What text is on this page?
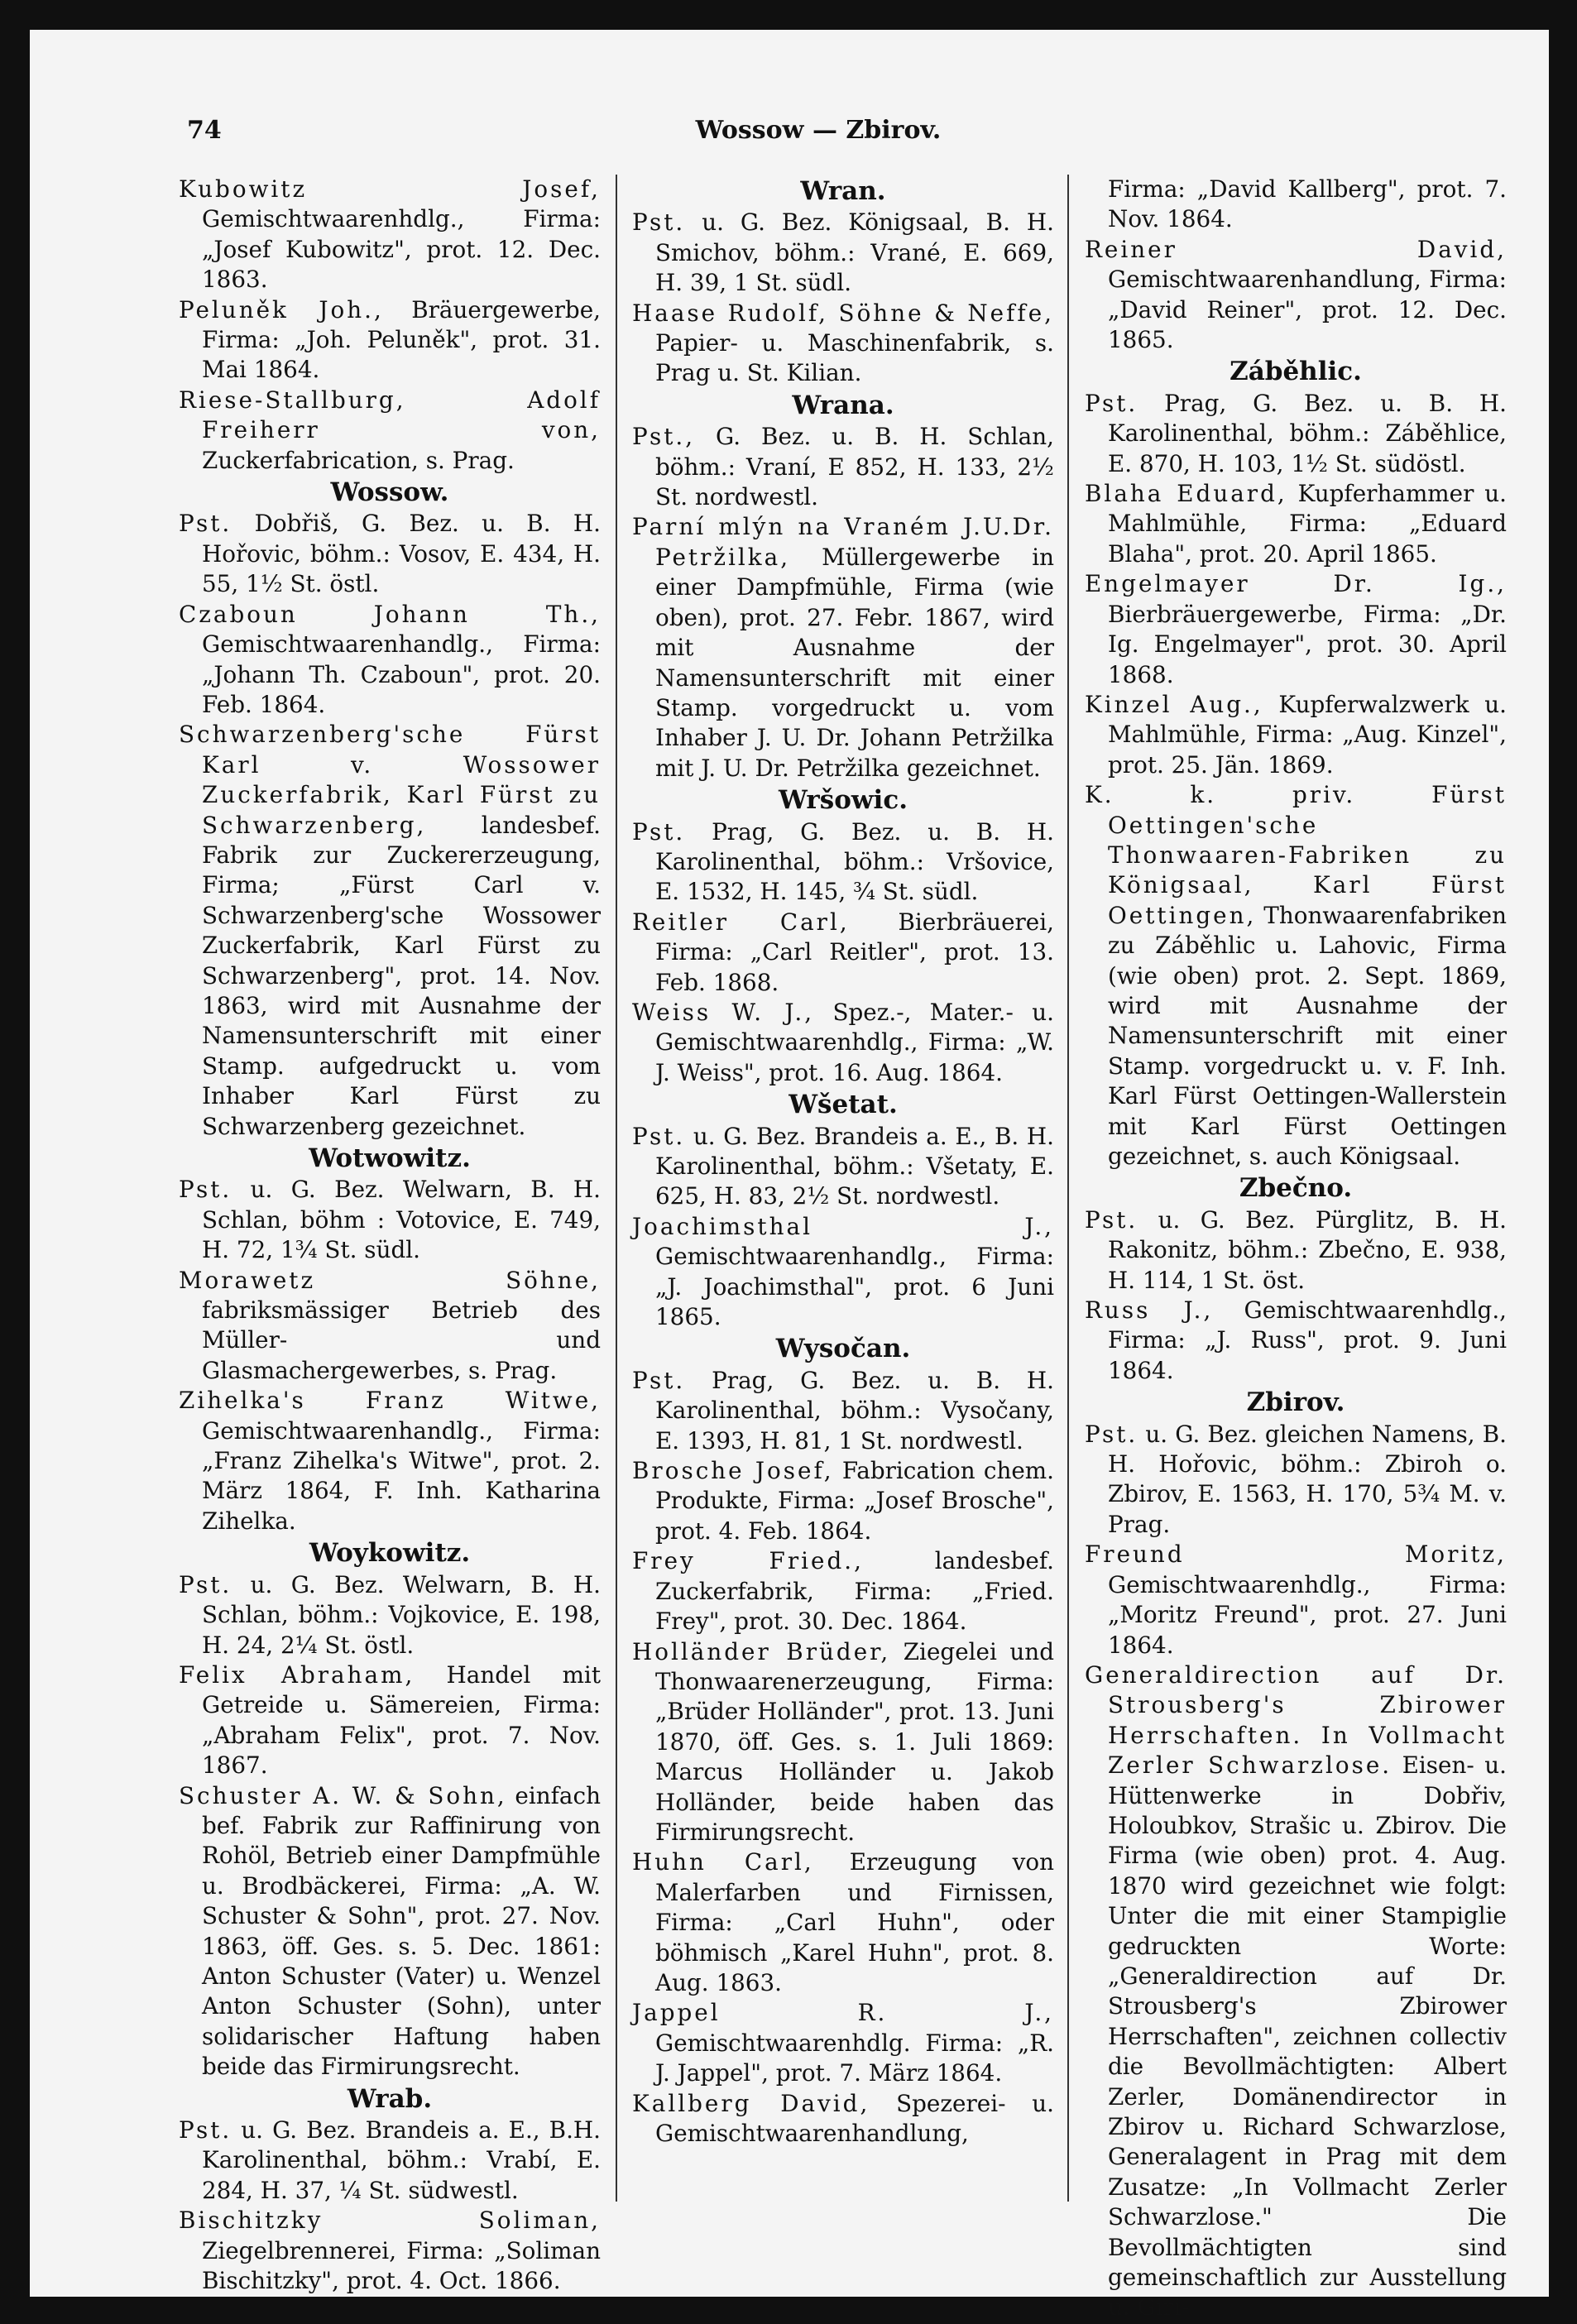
74	Wossow — Zbirov.

Kubowitz Josef, Gemischtwaarenhdlg., Firma: „Josef Kubowitz", prot. 12. Dec. 1863.

Peluněk Joh., Bräuergewerbe, Firma: „Joh. Peluněk", prot. 31. Mai 1864.

Riese-Stallburg, Adolf Freiherr von, Zuckerfabrication, s. Prag.

Wossow.

Pst. Dobřiš, G. Bez. u. B. H. Hořovic, böhm.: Vosov, E. 434, H. 55, 1½ St. östl.

Czaboun Johann Th., Gemischtwaarenhandlg., Firma: „Johann Th. Czaboun", prot. 20. Feb. 1864.

Schwarzenberg'sche Fürst Karl v. Wossower Zuckerfabrik, Karl Fürst zu Schwarzenberg, landesbef. Fabrik zur Zuckererzeugung, Firma; „Fürst Carl v. Schwarzenberg'sche Wossower Zuckerfabrik, Karl Fürst zu Schwarzenberg", prot. 14. Nov. 1863, wird mit Ausnahme der Namensunterschrift mit einer Stamp. aufgedruckt u. vom Inhaber Karl Fürst zu Schwarzenberg gezeichnet.

Wotwowitz.

Pst. u. G. Bez. Welwarn, B. H. Schlan, böhm : Votovice, E. 749, H. 72, 1¾ St. südl.

Morawetz Söhne, fabriksmässiger Betrieb des Müller- und Glasmachergewerbes, s. Prag.

Zihelka's Franz Witwe, Gemischtwaarenhandlg., Firma: „Franz Zihelka's Witwe", prot. 2. März 1864, F. Inh. Katharina Zihelka.

Woykowitz.

Pst. u. G. Bez. Welwarn, B. H. Schlan, böhm.: Vojkovice, E. 198, H. 24, 2¼ St. östl.

Felix Abraham, Handel mit Getreide u. Sämereien, Firma: „Abraham Felix", prot. 7. Nov. 1867.

Schuster A. W. & Sohn, einfach bef. Fabrik zur Raffinirung von Rohöl, Betrieb einer Dampfmühle u. Brodbäckerei, Firma: „A. W. Schuster & Sohn", prot. 27. Nov. 1863, öff. Ges. s. 5. Dec. 1861: Anton Schuster (Vater) u. Wenzel Anton Schuster (Sohn), unter solidarischer Haftung haben beide das Firmirungsrecht.

Wrab.

Pst. u. G. Bez. Brandeis a. E., B.H. Karolinenthal, böhm.: Vrabí, E. 284, H. 37, ¼ St. südwestl.

Bischitzky Soliman, Ziegelbrennerei, Firma: „Soliman Bischitzky", prot. 4. Oct. 1866.

Wran.

Pst. u. G. Bez. Königsaal, B. H. Smichov, böhm.: Vrané, E. 669, H. 39, 1 St. südl.

Haase Rudolf, Söhne & Neffe, Papier- u. Maschinenfabrik, s. Prag u. St. Kilian.

Wrana.

Pst., G. Bez. u. B. H. Schlan, böhm.: Vraní, E 852, H. 133, 2½ St. nordwestl.

Parní mlýn na Vraném J.U.Dr. Petržilka, Müllergewerbe in einer Dampfmühle, Firma (wie oben), prot. 27. Febr. 1867, wird mit Ausnahme der Namensunterschrift mit einer Stamp. vorgedruckt u. vom Inhaber J. U. Dr. Johann Petržilka mit J. U. Dr. Petržilka gezeichnet.

Wršowic.

Pst. Prag, G. Bez. u. B. H. Karolinenthal, böhm.: Vršovice, E. 1532, H. 145, ¾ St. südl.

Reitler Carl, Bierbräuerei, Firma: „Carl Reitler", prot. 13. Feb. 1868.

Weiss W. J., Spez.-, Mater.- u. Gemischtwaarenhdlg., Firma: „W. J. Weiss", prot. 16. Aug. 1864.

Wšetat.

Pst. u. G. Bez. Brandeis a. E., B. H. Karolinenthal, böhm.: Všetaty, E. 625, H. 83, 2½ St. nordwestl.

Joachimsthal J., Gemischtwaarenhandlg., Firma: „J. Joachimsthal", prot. 6 Juni 1865.

Wysočan.

Pst. Prag, G. Bez. u. B. H. Karolinenthal, böhm.: Vysočany, E. 1393, H. 81, 1 St. nordwestl.

Brosche Josef, Fabrication chem. Produkte, Firma: „Josef Brosche", prot. 4. Feb. 1864.

Frey Fried., landesbef. Zuckerfabrik, Firma: „Fried. Frey", prot. 30. Dec. 1864.

Holländer Brüder, Ziegelei und Thonwaarenerzeugung, Firma: „Brüder Holländer", prot. 13. Juni 1870, öff. Ges. s. 1. Juli 1869: Marcus Holländer u. Jakob Holländer, beide haben das Firmirungsrecht.

Huhn Carl, Erzeugung von Malerfarben und Firnissen, Firma: „Carl Huhn", oder böhmisch „Karel Huhn", prot. 8. Aug. 1863.

Jappel R. J., Gemischtwaarenhdlg. Firma: „R. J. Jappel", prot. 7. März 1864.

Kallberg David, Spezerei- u. Gemischtwaarenhandlung,

Firma: „David Kallberg", prot. 7. Nov. 1864.

Reiner David, Gemischtwaarenhandlung, Firma: „David Reiner", prot. 12. Dec. 1865.

Záběhlic.

Pst. Prag, G. Bez. u. B. H. Karolinenthal, böhm.: Záběhlice, E. 870, H. 103, 1½ St. südöstl.

Blaha Eduard, Kupferhammer u. Mahlmühle, Firma: „Eduard Blaha", prot. 20. April 1865.

Engelmayer Dr. Ig., Bierbräuergewerbe, Firma: „Dr. Ig. Engelmayer", prot. 30. April 1868.

Kinzel Aug., Kupferwalzwerk u. Mahlmühle, Firma: „Aug. Kinzel", prot. 25. Jän. 1869.

K. k. priv. Fürst Oettingen'sche Thonwaaren-Fabriken zu Königsaal, Karl Fürst Oettingen, Thonwaarenfabriken zu Záběhlic u. Lahovic, Firma (wie oben) prot. 2. Sept. 1869, wird mit Ausnahme der Namensunterschrift mit einer Stamp. vorgedruckt u. v. F. Inh. Karl Fürst Oettingen-Wallerstein mit Karl Fürst Oettingen gezeichnet, s. auch Königsaal.

Zbečno.

Pst. u. G. Bez. Pürglitz, B. H. Rakonitz, böhm.: Zbečno, E. 938, H. 114, 1 St. öst.

Russ J., Gemischtwaarenhdlg., Firma: „J. Russ", prot. 9. Juni 1864.

Zbirov.

Pst. u. G. Bez. gleichen Namens, B. H. Hořovic, böhm.: Zbiroh o. Zbirov, E. 1563, H. 170, 5¾ M. v. Prag.

Freund Moritz, Gemischtwaarenhdlg., Firma: „Moritz Freund", prot. 27. Juni 1864.

Generaldirection auf Dr. Strousberg's Zbirower Herrschaften. In Vollmacht Zerler Schwarzlose. Eisen- u. Hüttenwerke in Dobřiv, Holoubkov, Strašic u. Zbirov. Die Firma (wie oben) prot. 4. Aug. 1870 wird gezeichnet wie folgt: Unter die mit einer Stampiglie gedruckten Worte: „Generaldirection auf Dr. Strousberg's Zbirower Herrschaften", zeichnen collectiv die Bevollmächtigten: Albert Zerler, Domänendirector in Zbirov u. Richard Schwarzlose, Generalagent in Prag mit dem Zusatze: „In Vollmacht Zerler Schwarzlose." Die Bevollmächtigten sind gemeinschaftlich zur Ausstellung u. Giri-
